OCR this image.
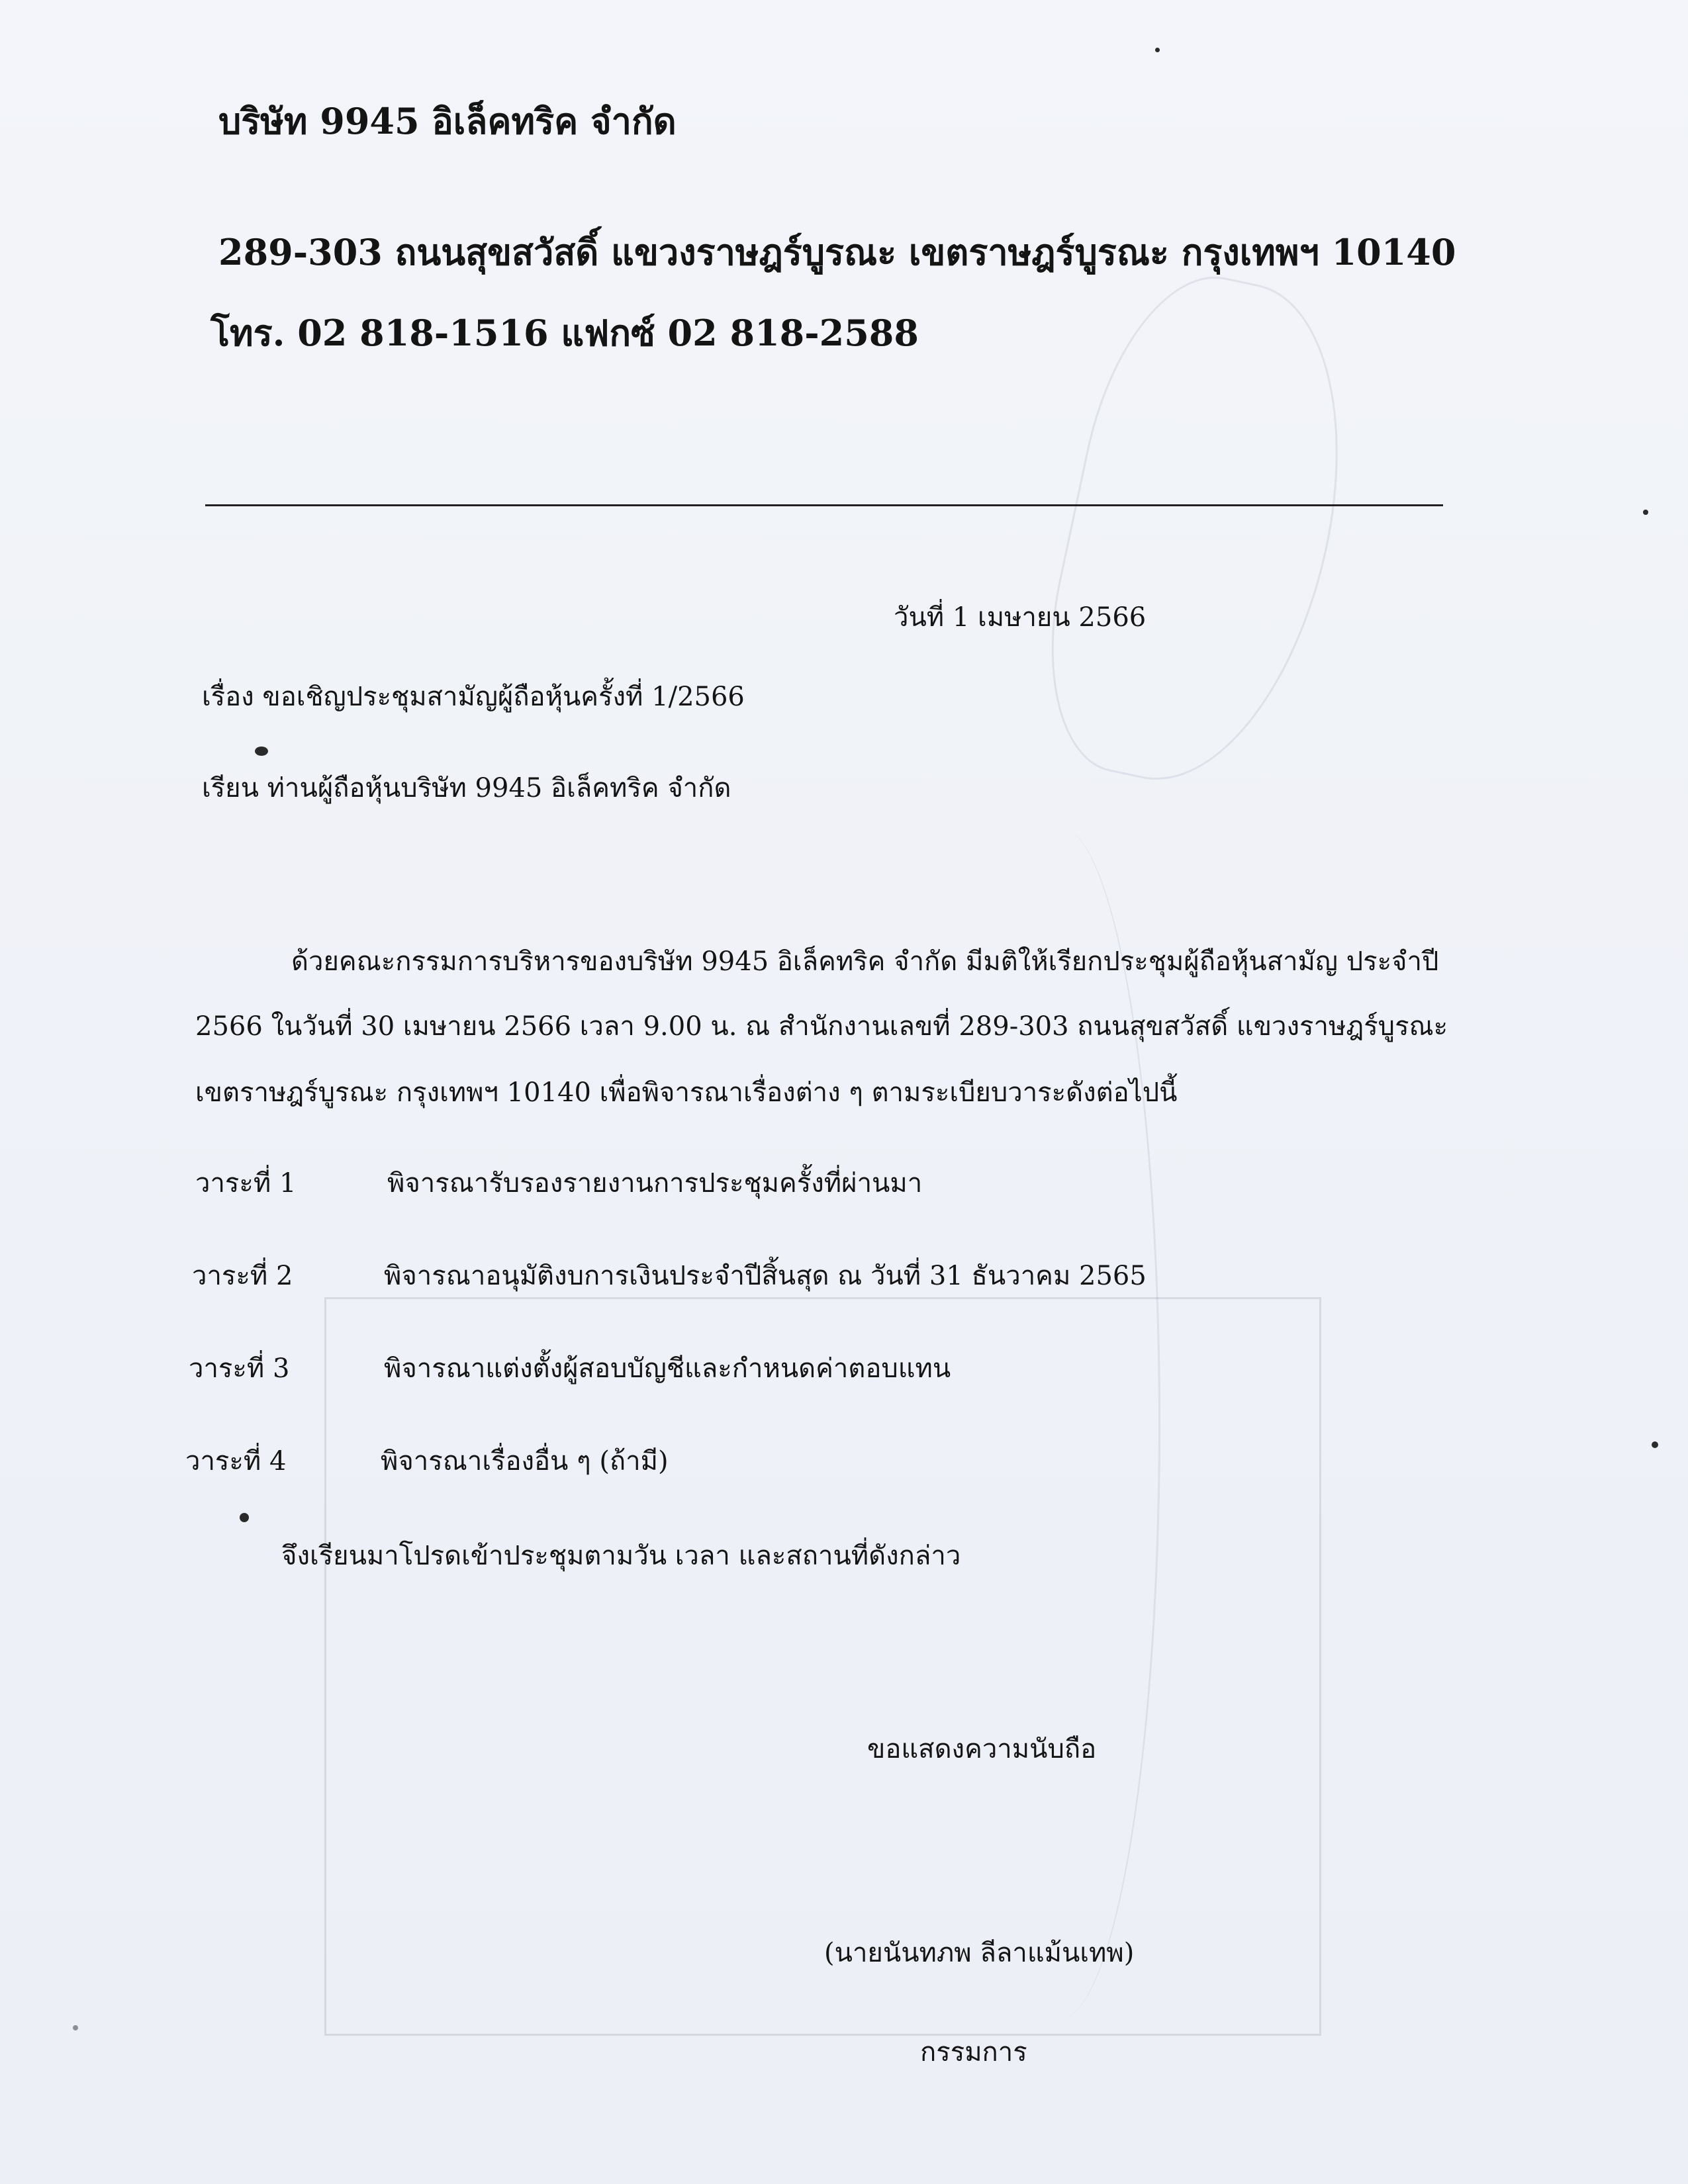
บริษัท 9945 อิเล็คทริค จำกัด

289-303 ถนนสุขสวัสดิ์ แขวงราษฎร์บูรณะ เขตราษฎร์บูรณะ กรุงเทพฯ 10140

โทร. 02 818-1516 แฟกซ์ 02 818-2588

วันที่ 1 เมษายน 2566

เรื่อง ขอเชิญประชุมสามัญผู้ถือหุ้นครั้งที่ 1/2566

เรียน ท่านผู้ถือหุ้นบริษัท 9945 อิเล็คทริค จำกัด

ด้วยคณะกรรมการบริหารของบริษัท 9945 อิเล็คทริค จำกัด มีมติให้เรียกประชุมผู้ถือหุ้นสามัญ ประจำปี

2566 ในวันที่ 30 เมษายน 2566 เวลา 9.00 น. ณ สำนักงานเลขที่ 289-303 ถนนสุขสวัสดิ์ แขวงราษฎร์บูรณะ

เขตราษฎร์บูรณะ กรุงเทพฯ 10140 เพื่อพิจารณาเรื่องต่าง ๆ ตามระเบียบวาระดังต่อไปนี้

วาระที่ 1	พิจารณารับรองรายงานการประชุมครั้งที่ผ่านมา

วาระที่ 2	พิจารณาอนุมัติงบการเงินประจำปีสิ้นสุด ณ วันที่ 31 ธันวาคม 2565

วาระที่ 3	พิจารณาแต่งตั้งผู้สอบบัญชีและกำหนดค่าตอบแทน

วาระที่ 4	พิจารณาเรื่องอื่น ๆ (ถ้ามี)

จึงเรียนมาโปรดเข้าประชุมตามวัน เวลา และสถานที่ดังกล่าว

ขอแสดงความนับถือ

(นายนันทภพ ลีลาแม้นเทพ)

กรรมการ
